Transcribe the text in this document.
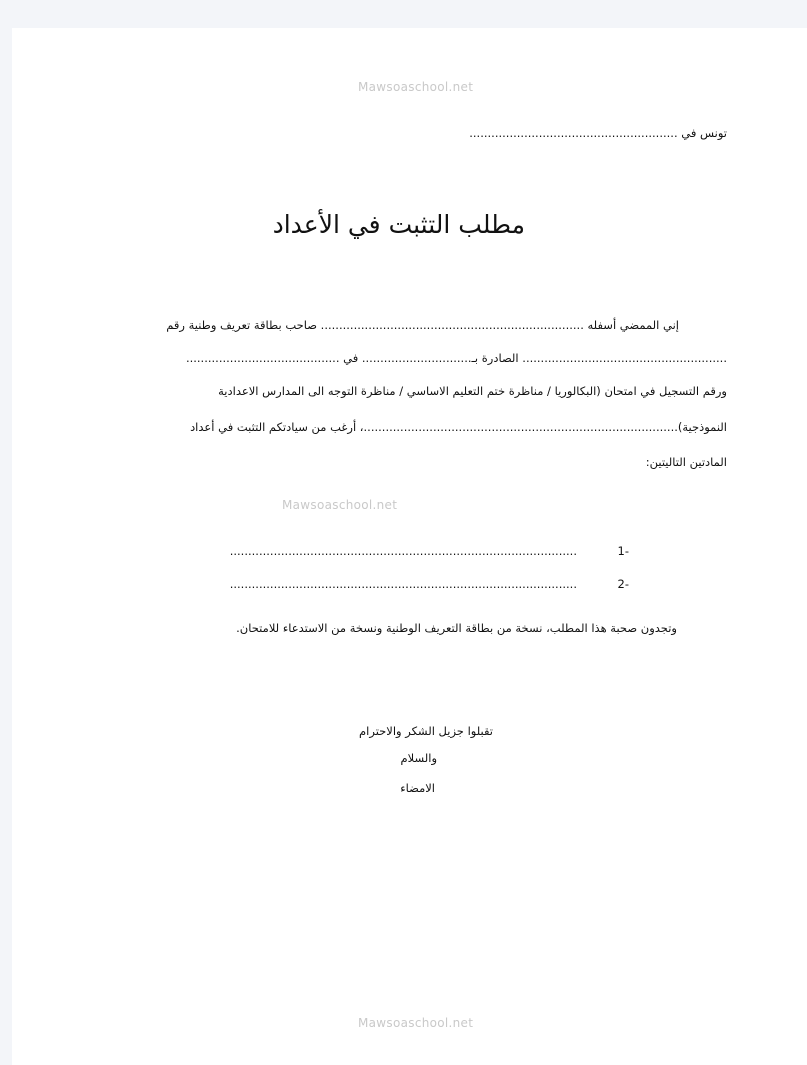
Mawsoaschool.net
تونس في .........................................................
مطلب التثبت في الأعداد
إني الممضي أسفله ........................................................................ صاحب بطاقة تعريف وطنية رقم
........................................................ الصادرة بـ.............................. في ..........................................
ورقم التسجيل في امتحان (البكالوريا / مناظرة ختم التعليم الاساسي / مناظرة التوجه الى المدارس الاعدادية
النموذجية)......................................................................................، أرغب من سيادتكم التثبت في أعداد
المادتين التاليتين:
Mawsoaschool.net
1-
...............................................................................................
2-
...............................................................................................
وتجدون صحبة هذا المطلب، نسخة من بطاقة التعريف الوطنية ونسخة من الاستدعاء للامتحان.
تقبلوا جزيل الشكر والاحترام
والسلام
الامضاء
Mawsoaschool.net
